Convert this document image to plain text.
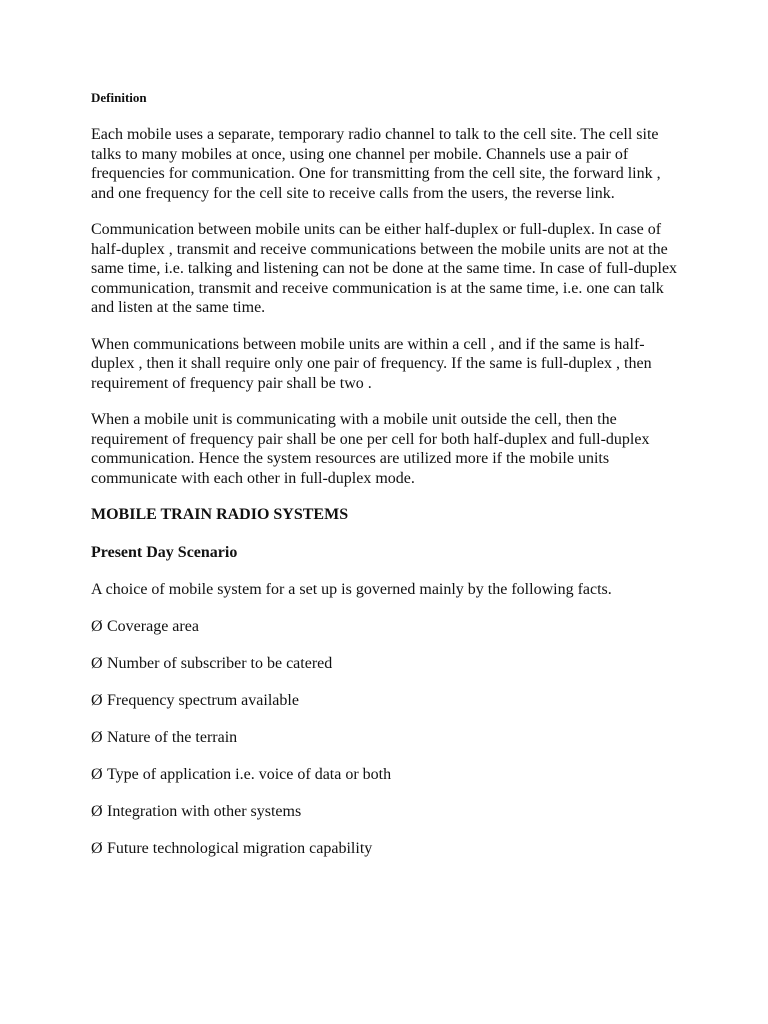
Definition

Each mobile uses a separate, temporary radio channel to talk to the cell site. The cell site talks to many mobiles at once, using one channel per mobile. Channels use a pair of frequencies for communication. One for transmitting from the cell site, the forward link , and one frequency for the cell site to receive calls from the users, the reverse link.

Communication between mobile units can be either half-duplex or full-duplex. In case of half-duplex , transmit and receive communications between the mobile units are not at the same time, i.e. talking and listening can not be done at the same time. In case of full-duplex communication, transmit and receive communication is at the same time, i.e. one can talk and listen at the same time.

When communications between mobile units are within a cell , and if the same is half-duplex , then it shall require only one pair of frequency. If the same is full-duplex , then requirement of frequency pair shall be two .

When a mobile unit is communicating with a mobile unit outside the cell, then the requirement of frequency pair shall be one per cell for both half-duplex and full-duplex communication. Hence the system resources are utilized more if the mobile units communicate with each other in full-duplex mode.

MOBILE TRAIN RADIO SYSTEMS
Present Day Scenario

A choice of mobile system for a set up is governed mainly by the following facts.

Ø Coverage area
Ø Number of subscriber to be catered
Ø Frequency spectrum available
Ø Nature of the terrain
Ø Type of application i.e. voice of data or both
Ø Integration with other systems
Ø Future technological migration capability
